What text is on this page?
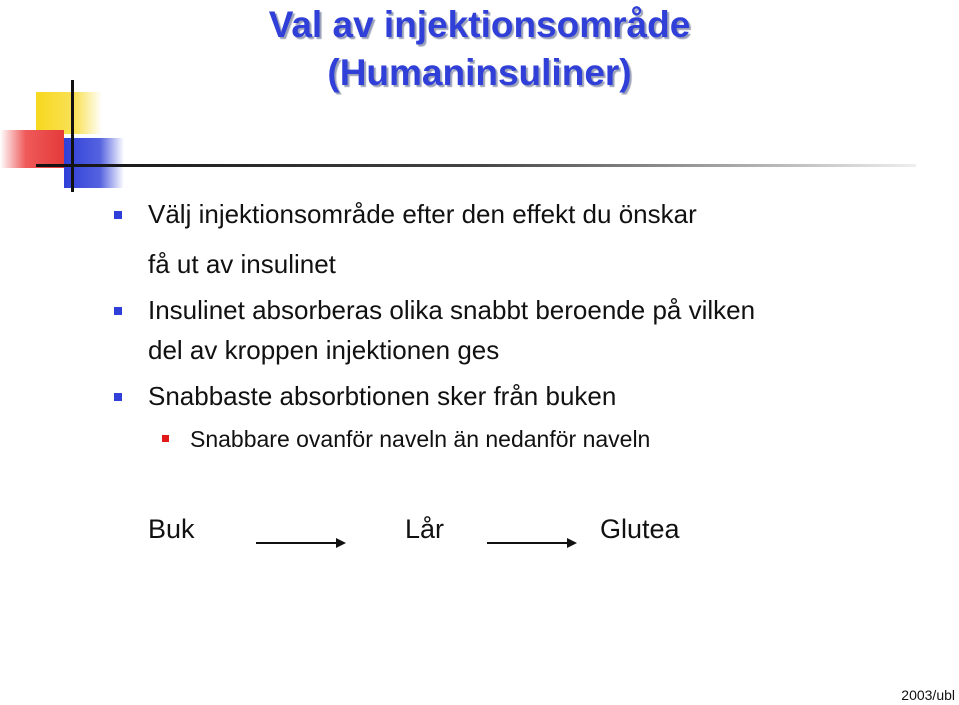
Val av injektionsområde
(Humaninsuliner)
Välj injektionsområde efter den effekt du önskar
få ut av insulinet
Insulinet absorberas olika snabbt beroende på vilken
del av kroppen injektionen ges
Snabbaste absorbtionen sker från buken
Snabbare ovanför naveln än nedanför naveln
Buk	Lår	Glutea
2003/ubl
